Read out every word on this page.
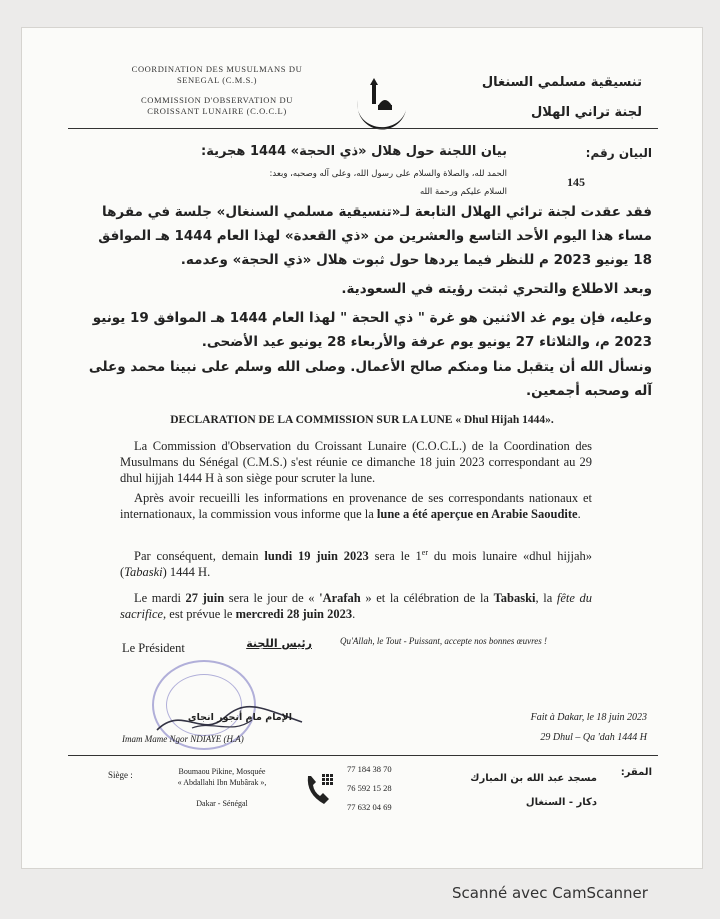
COORDINATION DES MUSULMANS DU
SENEGAL (C.M.S.)
COMMISSION D'OBSERVATION DU
CROISSANT LUNAIRE (C.O.C.L)
تنسيقية مسلمي السنغال
لجنة تراني الهلال
البيان رقم:
145
بيان اللجنة حول هلال «ذي الحجة» 1444 هجرية:
الحمد لله، والصلاة والسلام على رسول الله، وعلى آله وصحبه، وبعد:
السلام عليكم ورحمة الله
فقد عقدت لجنة ترائي الهلال التابعة لـ«تنسيقية مسلمي السنغال» جلسة في مقرها مساء هذا اليوم الأحد التاسع والعشرين من «ذي القعدة» لهذا العام 1444 هـ الموافق 18 يونيو 2023 م للنظر فيما يردها حول ثبوت هلال «ذي الحجة» وعدمه.
وبعد الاطلاع والتحري ثبتت رؤيته في السعودية.
وعليه، فإن يوم غد الاثنين هو غرة " ذي الحجة " لهذا العام 1444 هـ الموافق 19 يونيو 2023 م، والثلاثاء 27 يونيو يوم عرفة والأربعاء 28 يونيو عيد الأضحى.
ونسأل الله أن يتقبل منا ومنكم صالح الأعمال. وصلى الله وسلم على نبينا محمد وعلى آله وصحبه أجمعين.
DECLARATION DE LA COMMISSION SUR LA LUNE « Dhul Hijah 1444».
La Commission d'Observation du Croissant Lunaire (C.O.C.L.) de la Coordination des Musulmans du Sénégal (C.M.S.) s'est réunie ce dimanche 18 juin 2023 correspondant au 29 dhul hijjah 1444 H à son siège pour scruter la lune.
Après avoir recueilli les informations en provenance de ses correspondants nationaux et internationaux, la commission vous informe que la lune a été aperçue en Arabie Saoudite.
Par conséquent, demain lundi 19 juin 2023 sera le 1er du mois lunaire «dhul hijjah» (Tabaski) 1444 H.
Le mardi 27 juin sera le jour de « 'Arafah » et la célébration de la Tabaski, la fête du sacrifice, est prévue le mercredi 28 juin 2023.
Le Président	رئيس اللجنة	Qu'Allah, le Tout - Puissant, accepte nos bonnes œuvres !
الإمام مام أنجور انجاي
Imam Mame Ngor NDIAYE (H.A)
Fait à Dakar, le 18 juin 2023
29 Dhul – Qa 'dah 1444 H
Siège :	Boumaou Pikine, Mosquée
« Abdallahi Ibn Mubârak »,
Dakar - Sénégal
77 184 38 70
76 592 15 28
77 632 04 69
المقر:
مسجد عبد الله بن المبارك
دكار - السنغال
Scanné avec CamScanner
